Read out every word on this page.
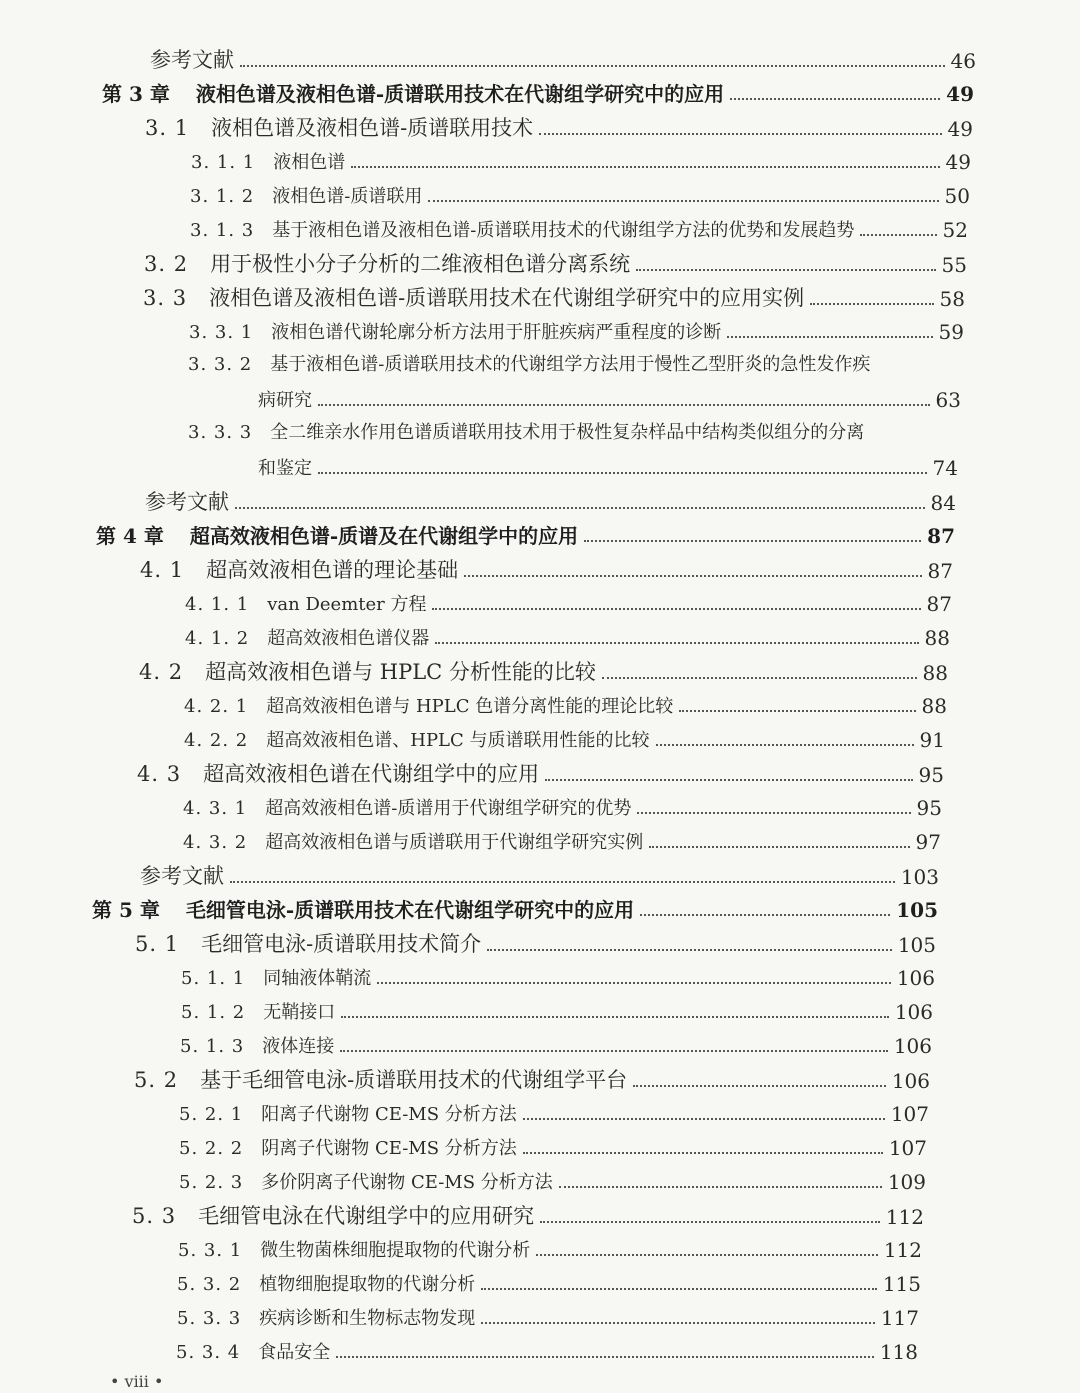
参考文献	46
第 3 章 液相色谱及液相色谱-质谱联用技术在代谢组学研究中的应用	49
3. 1 液相色谱及液相色谱-质谱联用技术	49
3. 1. 1 液相色谱	49
3. 1. 2 液相色谱-质谱联用	50
3. 1. 3 基于液相色谱及液相色谱-质谱联用技术的代谢组学方法的优势和发展趋势	52
3. 2 用于极性小分子分析的二维液相色谱分离系统	55
3. 3 液相色谱及液相色谱-质谱联用技术在代谢组学研究中的应用实例	58
3. 3. 1 液相色谱代谢轮廓分析方法用于肝脏疾病严重程度的诊断	59
3. 3. 2 基于液相色谱-质谱联用技术的代谢组学方法用于慢性乙型肝炎的急性发作疾
病研究	63
3. 3. 3 全二维亲水作用色谱质谱联用技术用于极性复杂样品中结构类似组分的分离
和鉴定	74
参考文献	84
第 4 章 超高效液相色谱-质谱及在代谢组学中的应用	87
4. 1 超高效液相色谱的理论基础	87
4. 1. 1 van Deemter 方程	87
4. 1. 2 超高效液相色谱仪器	88
4. 2 超高效液相色谱与 HPLC 分析性能的比较	88
4. 2. 1 超高效液相色谱与 HPLC 色谱分离性能的理论比较	88
4. 2. 2 超高效液相色谱、HPLC 与质谱联用性能的比较	91
4. 3 超高效液相色谱在代谢组学中的应用	95
4. 3. 1 超高效液相色谱-质谱用于代谢组学研究的优势	95
4. 3. 2 超高效液相色谱与质谱联用于代谢组学研究实例	97
参考文献	103
第 5 章 毛细管电泳-质谱联用技术在代谢组学研究中的应用	105
5. 1 毛细管电泳-质谱联用技术简介	105
5. 1. 1 同轴液体鞘流	106
5. 1. 2 无鞘接口	106
5. 1. 3 液体连接	106
5. 2 基于毛细管电泳-质谱联用技术的代谢组学平台	106
5. 2. 1 阳离子代谢物 CE-MS 分析方法	107
5. 2. 2 阴离子代谢物 CE-MS 分析方法	107
5. 2. 3 多价阴离子代谢物 CE-MS 分析方法	109
5. 3 毛细管电泳在代谢组学中的应用研究	112
5. 3. 1 微生物菌株细胞提取物的代谢分析	112
5. 3. 2 植物细胞提取物的代谢分析	115
5. 3. 3 疾病诊断和生物标志物发现	117
5. 3. 4 食品安全	118
• viii •
